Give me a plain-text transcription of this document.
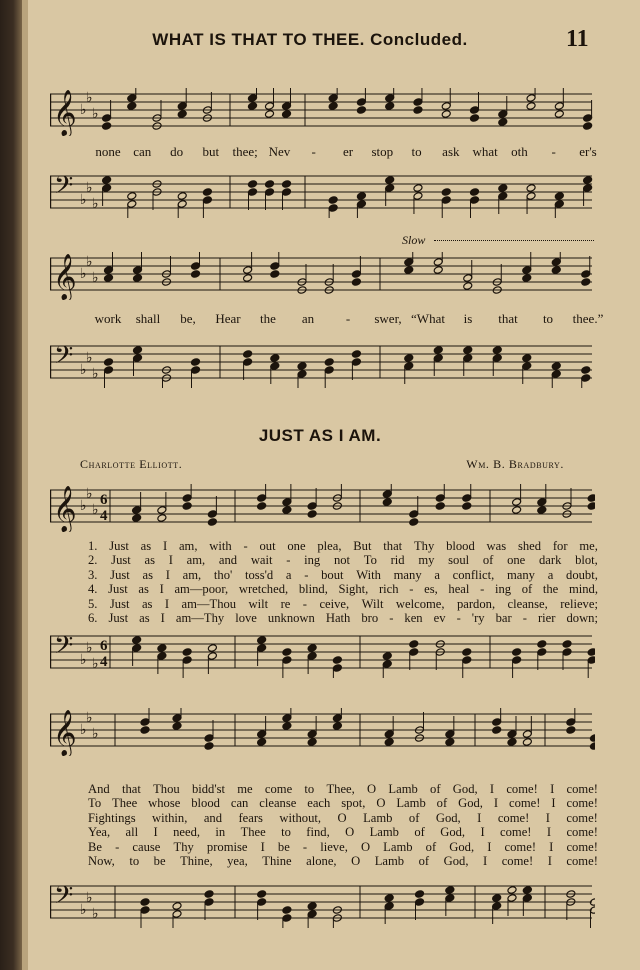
WHAT IS THAT TO THEE. Concluded.	11
𝄞 ♭
♭
♭
none can do but thee; Nev - er stop to ask what oth - er's
𝄢 ♭
♭
♭
Slow
𝄞 ♭
♭
♭
work shall be, Hear the an - swer, “What is that to thee.”
𝄢 ♭
♭
♭
JUST AS I AM.
Charlotte Elliott.	Wm. B. Bradbury.
𝄞 ♭
♭
♭
6
4
1. Just as I am, with - out one plea, But that Thy blood was shed for me,
2. Just as I am, and wait - ing not To rid my soul of one dark blot,
3. Just as I am, tho' toss'd a - bout With many a conflict, many a doubt,
4. Just as I am—poor, wretched, blind, Sight, rich - es, heal - ing of the mind,
5. Just as I am—Thou wilt re - ceive, Wilt welcome, pardon, cleanse, relieve;
6. Just as I am—Thy love unknown Hath bro - ken ev - 'ry bar - rier down;
𝄢 ♭
♭
♭
6
4
𝄞 ♭
♭
♭
And that Thou bidd'st me come to Thee, O Lamb of God, I come! I come!
To Thee whose blood can cleanse each spot, O Lamb of God, I come! I come!
Fightings within, and fears without, O Lamb of God, I come! I come!
Yea, all I need, in Thee to find, O Lamb of God, I come! I come!
Be - cause Thy promise I be - lieve, O Lamb of God, I come! I come!
Now, to be Thine, yea, Thine alone, O Lamb of God, I come! I come!
𝄢 ♭
♭
♭
